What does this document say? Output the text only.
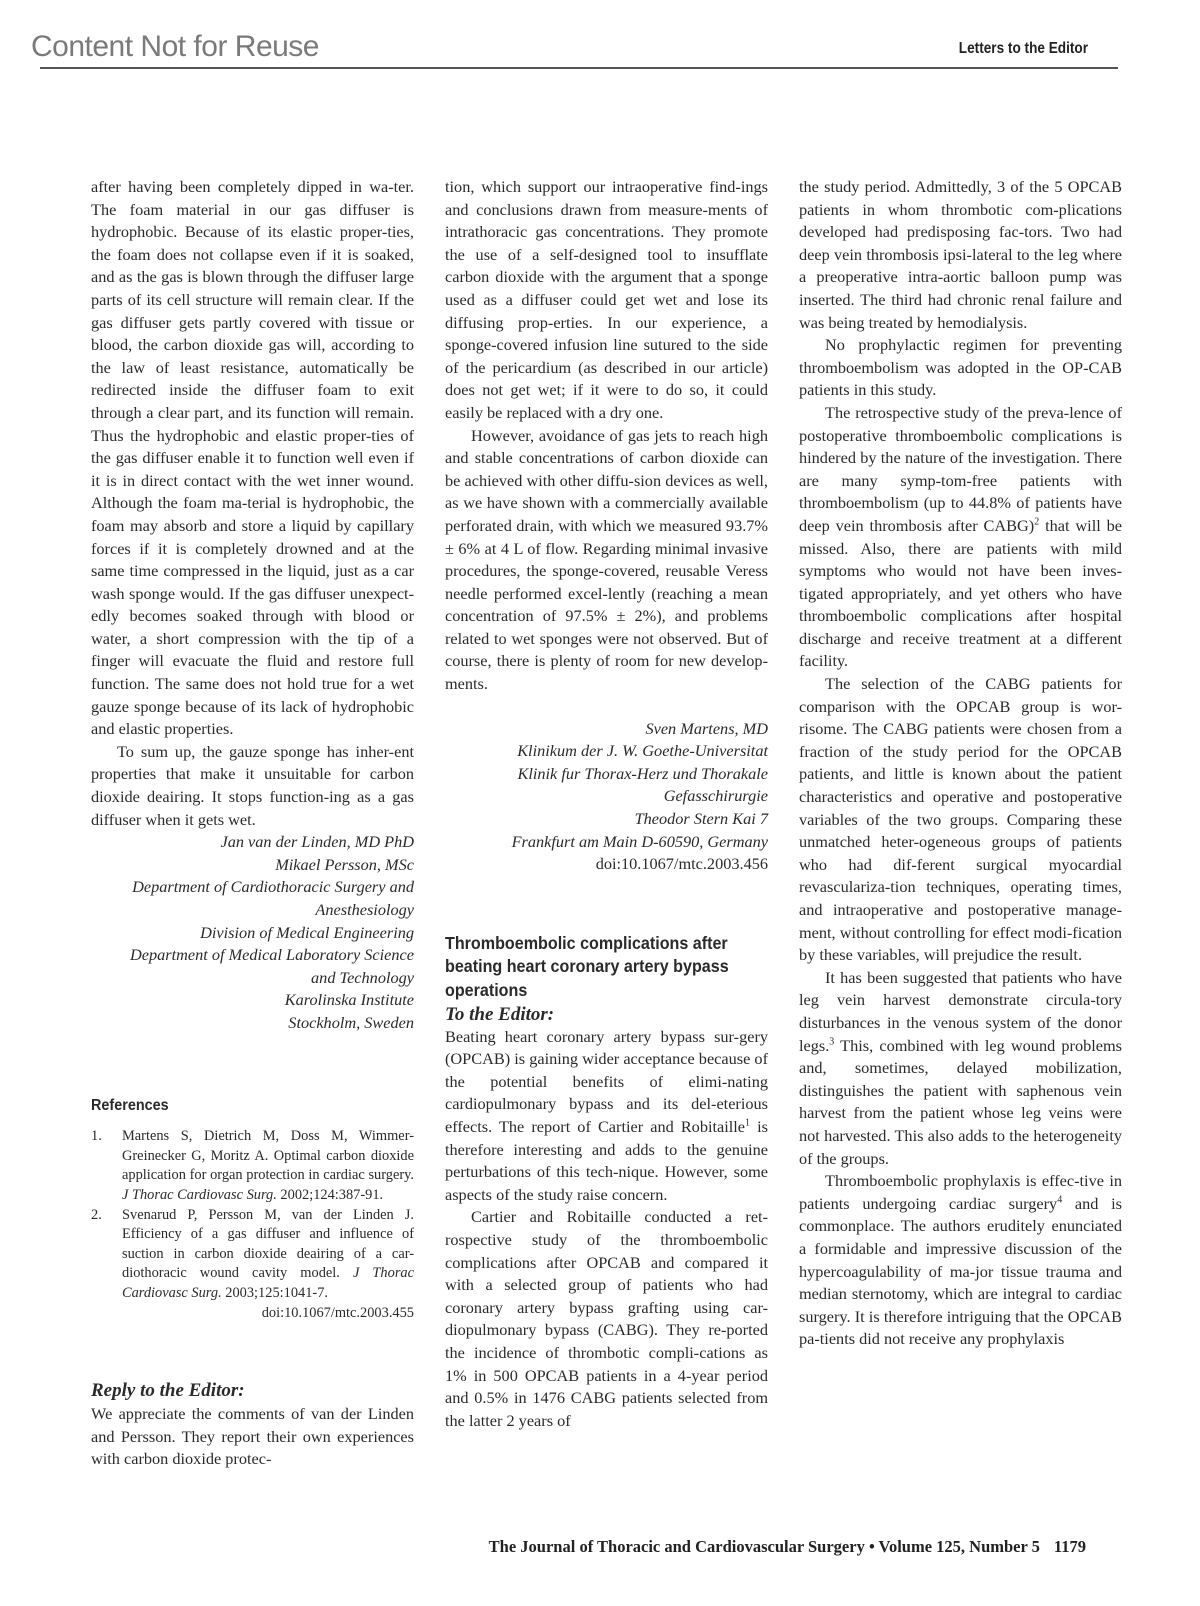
Content Not for Reuse	Letters to the Editor

after having been completely dipped in wa-ter. The foam material in our gas diffuser is hydrophobic. Because of its elastic proper-ties, the foam does not collapse even if it is soaked, and as the gas is blown through the diffuser large parts of its cell structure will remain clear. If the gas diffuser gets partly covered with tissue or blood, the carbon dioxide gas will, according to the law of least resistance, automatically be redirected inside the diffuser foam to exit through a clear part, and its function will remain. Thus the hydrophobic and elastic proper-ties of the gas diffuser enable it to function well even if it is in direct contact with the wet inner wound. Although the foam ma-terial is hydrophobic, the foam may absorb and store a liquid by capillary forces if it is completely drowned and at the same time compressed in the liquid, just as a car wash sponge would. If the gas diffuser unexpect-edly becomes soaked through with blood or water, a short compression with the tip of a finger will evacuate the fluid and restore full function. The same does not hold true for a wet gauze sponge because of its lack of hydrophobic and elastic properties.

To sum up, the gauze sponge has inher-ent properties that make it unsuitable for carbon dioxide deairing. It stops function-ing as a gas diffuser when it gets wet.

Jan van der Linden, MD PhD
Mikael Persson, MSc
Department of Cardiothoracic Surgery and
Anesthesiology
Division of Medical Engineering
Department of Medical Laboratory Science
and Technology
Karolinska Institute
Stockholm, Sweden
References
1. Martens S, Dietrich M, Doss M, Wimmer-Greinecker G, Moritz A. Optimal carbon dioxide application for organ protection in cardiac surgery. J Thorac Cardiovasc Surg. 2002;124:387-91.
2. Svenarud P, Persson M, van der Linden J. Efficiency of a gas diffuser and influence of suction in carbon dioxide deairing of a car-diothoracic wound cavity model. J Thorac Cardiovasc Surg. 2003;125:1041-7.
doi:10.1067/mtc.2003.455
Reply to the Editor:

We appreciate the comments of van der Linden and Persson. They report their own experiences with carbon dioxide protec-

tion, which support our intraoperative find-ings and conclusions drawn from measure-ments of intrathoracic gas concentrations. They promote the use of a self-designed tool to insufflate carbon dioxide with the argument that a sponge used as a diffuser could get wet and lose its diffusing prop-erties. In our experience, a sponge-covered infusion line sutured to the side of the pericardium (as described in our article) does not get wet; if it were to do so, it could easily be replaced with a dry one.

However, avoidance of gas jets to reach high and stable concentrations of carbon dioxide can be achieved with other diffu-sion devices as well, as we have shown with a commercially available perforated drain, with which we measured 93.7% ± 6% at 4 L of flow. Regarding minimal invasive procedures, the sponge-covered, reusable Veress needle performed excel-lently (reaching a mean concentration of 97.5% ± 2%), and problems related to wet sponges were not observed. But of course, there is plenty of room for new develop-ments.

Sven Martens, MD
Klinikum der J. W. Goethe-Universitat
Klinik fur Thorax-Herz und Thorakale
Gefasschirurgie
Theodor Stern Kai 7
Frankfurt am Main D-60590, Germany
doi:10.1067/mtc.2003.456
Thromboembolic complications after beating heart coronary artery bypass operations
To the Editor:

Beating heart coronary artery bypass sur-gery (OPCAB) is gaining wider acceptance because of the potential benefits of elimi-nating cardiopulmonary bypass and its del-eterious effects. The report of Cartier and Robitaille$^1$ is therefore interesting and adds to the genuine perturbations of this tech-nique. However, some aspects of the study raise concern.

Cartier and Robitaille conducted a ret-rospective study of the thromboembolic complications after OPCAB and compared it with a selected group of patients who had coronary artery bypass grafting using car-diopulmonary bypass (CABG). They re-ported the incidence of thrombotic compli-cations as 1% in 500 OPCAB patients in a 4-year period and 0.5% in 1476 CABG patients selected from the latter 2 years of

the study period. Admittedly, 3 of the 5 OPCAB patients in whom thrombotic com-plications developed had predisposing fac-tors. Two had deep vein thrombosis ipsi-lateral to the leg where a preoperative intra-aortic balloon pump was inserted. The third had chronic renal failure and was being treated by hemodialysis.

No prophylactic regimen for preventing thromboembolism was adopted in the OP-CAB patients in this study.

The retrospective study of the preva-lence of postoperative thromboembolic complications is hindered by the nature of the investigation. There are many symp-tom-free patients with thromboembolism (up to 44.8% of patients have deep vein thrombosis after CABG)$^2$ that will be missed. Also, there are patients with mild symptoms who would not have been inves-tigated appropriately, and yet others who have thromboembolic complications after hospital discharge and receive treatment at a different facility.

The selection of the CABG patients for comparison with the OPCAB group is wor-risome. The CABG patients were chosen from a fraction of the study period for the OPCAB patients, and little is known about the patient characteristics and operative and postoperative variables of the two groups. Comparing these unmatched heter-ogeneous groups of patients who had dif-ferent surgical myocardial revasculariza-tion techniques, operating times, and intraoperative and postoperative manage-ment, without controlling for effect modi-fication by these variables, will prejudice the result.

It has been suggested that patients who have leg vein harvest demonstrate circula-tory disturbances in the venous system of the donor legs.$^3$ This, combined with leg wound problems and, sometimes, delayed mobilization, distinguishes the patient with saphenous vein harvest from the patient whose leg veins were not harvested. This also adds to the heterogeneity of the groups.

Thromboembolic prophylaxis is effec-tive in patients undergoing cardiac surgery$^4$ and is commonplace. The authors eruditely enunciated a formidable and impressive discussion of the hypercoagulability of ma-jor tissue trauma and median sternotomy, which are integral to cardiac surgery. It is therefore intriguing that the OPCAB pa-tients did not receive any prophylaxis

The Journal of Thoracic and Cardiovascular Surgery • Volume 125, Number 5 1179
